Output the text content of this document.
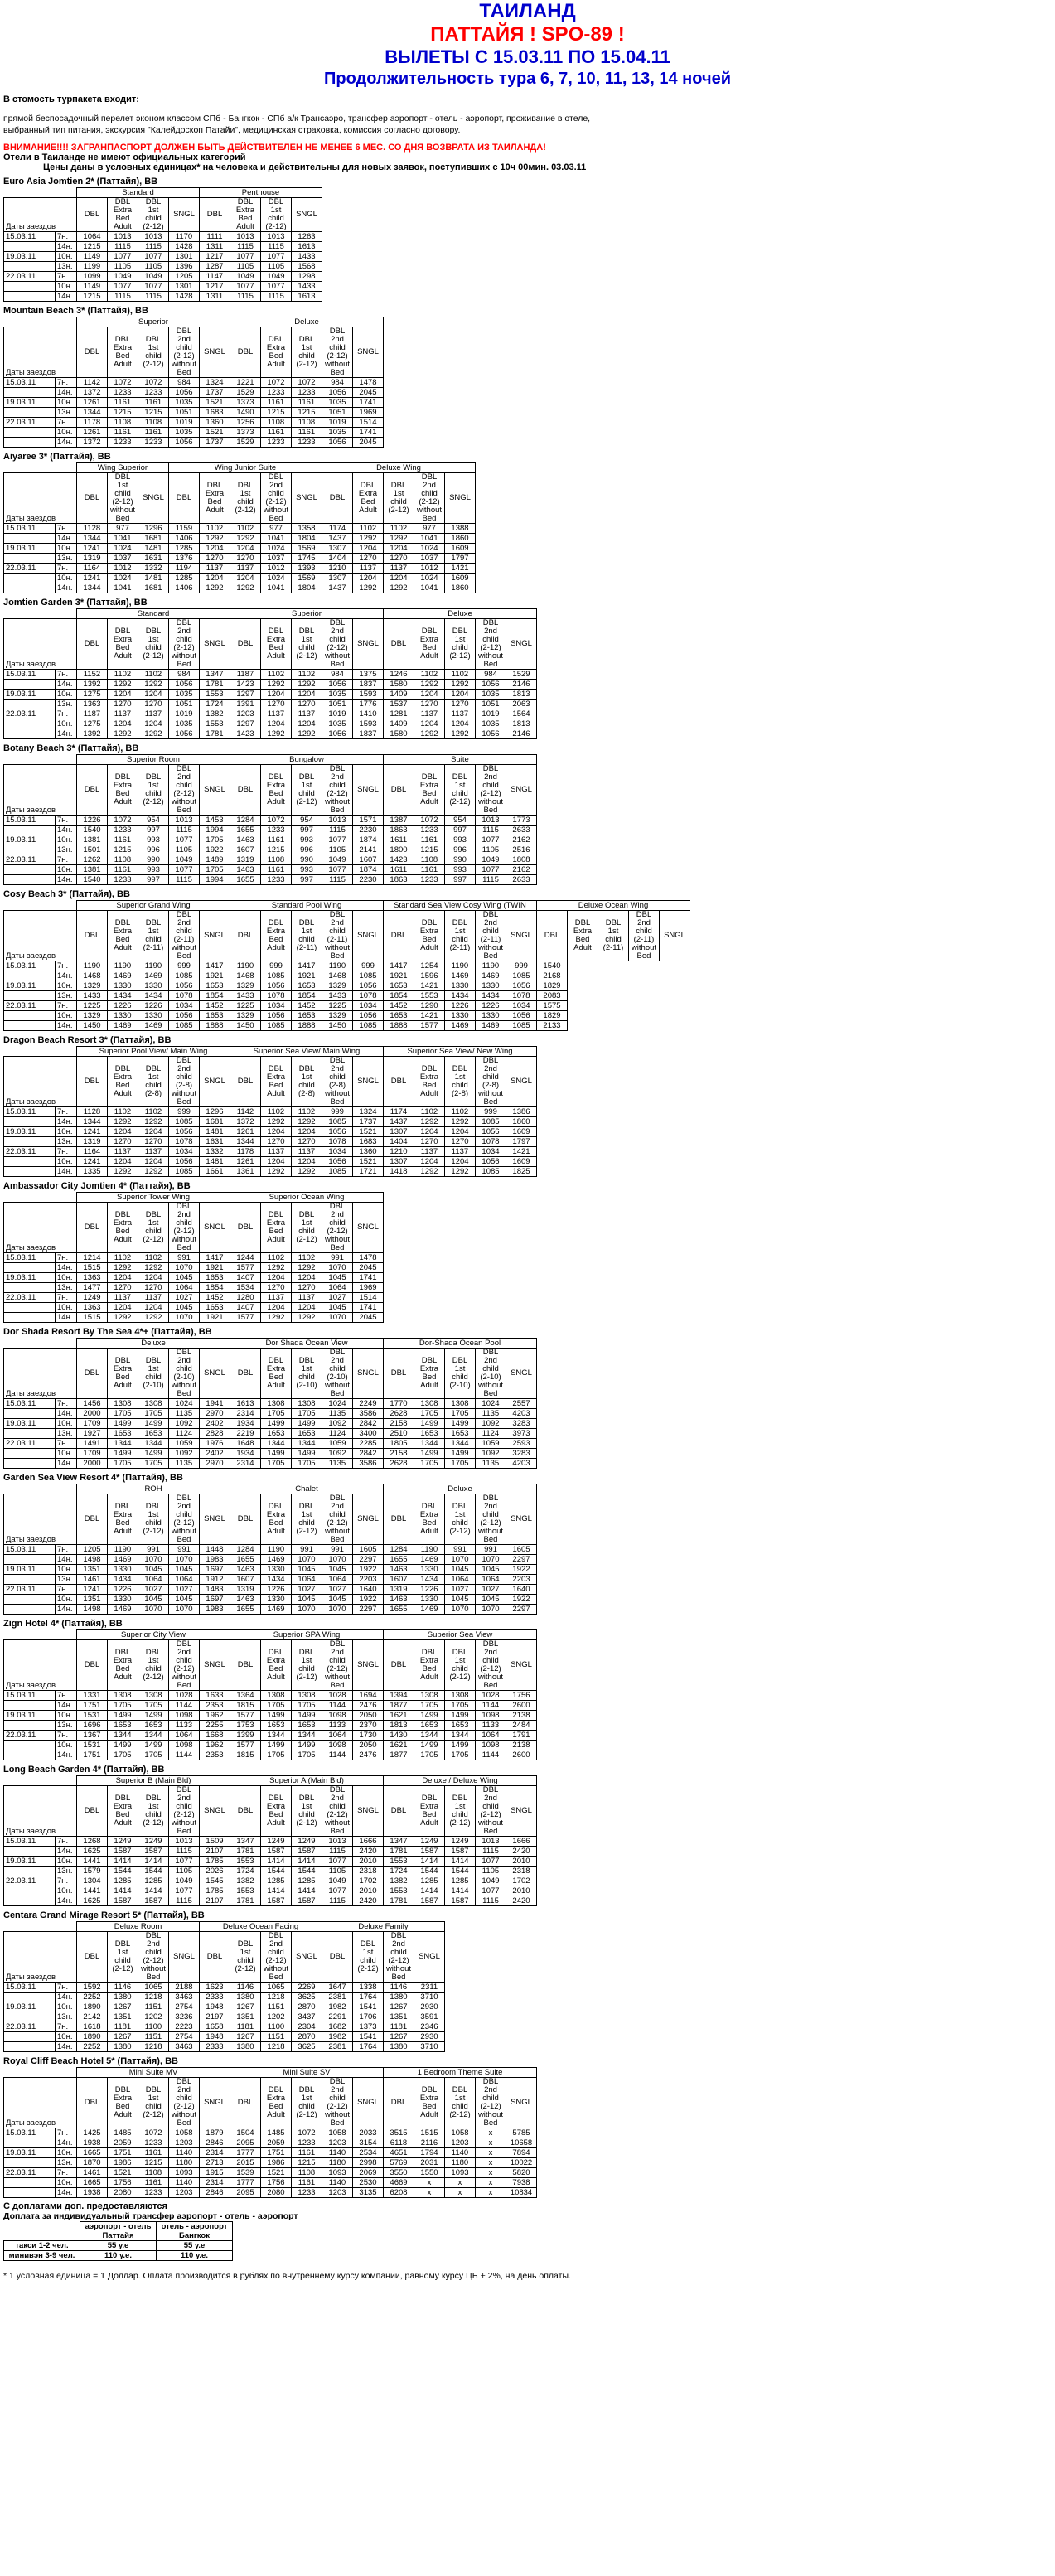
ТАИЛАНД
ПАТТАЙЯ ! SPO-89 !
ВЫЛЕТЫ С 15.03.11 ПО 15.04.11
Продолжительность тура 6, 7, 10, 11, 13, 14 ночей
В стомость турпакета входит:
прямой беспосадочный перелет эконом классом СПб - Бангкок - СПб а/к Трансаэро, трансфер аэропорт - отель - аэропорт, проживание в отеле, выбранный тип питания, экскурсия "Калейдоскоп Патайи", медицинская страховка, комиссия согласно договору.
ВНИМАНИЕ!!!! ЗАГРАНПАСПОРТ ДОЛЖЕН БЫТЬ ДЕЙСТВИТЕЛЕН НЕ МЕНЕЕ 6 МЕС. СО ДНЯ ВОЗВРАТА ИЗ ТАИЛАНДА!
Отели в Таиланде не имеют официальных категорий
Цены даны в условных единицах* на человека и действительны для новых заявок, поступивших с 10ч 00мин. 03.03.11
Euro Asia Jomtien 2* (Паттайя), BB
		Standard				Penthouse			
Даты заездов		DBL	DBL Extra Bed Adult	DBL 1st child (2-12)	SNGL	DBL	DBL Extra Bed Adult	DBL 1st child (2-12)	SNGL
15.03.11	7н.	1064	1013	1013	1170	1111	1013	1013	1263
	14н.	1215	1115	1115	1428	1311	1115	1115	1613
19.03.11	10н.	1149	1077	1077	1301	1217	1077	1077	1433
	13н.	1199	1105	1105	1396	1287	1105	1105	1568
22.03.11	7н.	1099	1049	1049	1205	1147	1049	1049	1298
	10н.	1149	1077	1077	1301	1217	1077	1077	1433
	14н.	1215	1115	1115	1428	1311	1115	1115	1613
Mountain Beach 3* (Паттайя), BB
		Superior					Deluxe				
Даты заездов		DBL	DBL Extra Bed Adult	DBL 1st child (2-12)	DBL 2nd child (2-12) without Bed	SNGL	DBL	DBL Extra Bed Adult	DBL 1st child (2-12)	DBL 2nd child (2-12) without Bed	SNGL
15.03.11	7н.	1142	1072	1072	984	1324	1221	1072	1072	984	1478
	14н.	1372	1233	1233	1056	1737	1529	1233	1233	1056	2045
19.03.11	10н.	1261	1161	1161	1035	1521	1373	1161	1161	1035	1741
	13н.	1344	1215	1215	1051	1683	1490	1215	1215	1051	1969
22.03.11	7н.	1178	1108	1108	1019	1360	1256	1108	1108	1019	1514
	10н.	1261	1161	1161	1035	1521	1373	1161	1161	1035	1741
	14н.	1372	1233	1233	1056	1737	1529	1233	1233	1056	2045
Aiyaree 3* (Паттайя), BB
		Wing Superior			Wing Junior Suite					Deluxe Wing				
Даты заездов		DBL	DBL 1st child (2-12) without Bed	SNGL	DBL	DBL Extra Bed Adult	DBL 1st child (2-12)	DBL 2nd child (2-12) without Bed	SNGL	DBL	DBL Extra Bed Adult	DBL 1st child (2-12)	DBL 2nd child (2-12) without Bed	SNGL
15.03.11	7н.	1128	977	1296	1159	1102	1102	977	1358	1174	1102	1102	977	1388
	14н.	1344	1041	1681	1406	1292	1292	1041	1804	1437	1292	1292	1041	1860
19.03.11	10н.	1241	1024	1481	1285	1204	1204	1024	1569	1307	1204	1204	1024	1609
	13н.	1319	1037	1631	1376	1270	1270	1037	1745	1404	1270	1270	1037	1797
22.03.11	7н.	1164	1012	1332	1194	1137	1137	1012	1393	1210	1137	1137	1012	1421
	10н.	1241	1024	1481	1285	1204	1204	1024	1569	1307	1204	1204	1024	1609
	14н.	1344	1041	1681	1406	1292	1292	1041	1804	1437	1292	1292	1041	1860
Jomtien Garden 3* (Паттайя), BB
		Standard					Superior					Deluxe				
Даты заездов		DBL	DBL Extra Bed Adult	DBL 1st child (2-12)	DBL 2nd child (2-12) without Bed	SNGL	DBL	DBL Extra Bed Adult	DBL 1st child (2-12)	DBL 2nd child (2-12) without Bed	SNGL	DBL	DBL Extra Bed Adult	DBL 1st child (2-12)	DBL 2nd child (2-12) without Bed	SNGL
15.03.11	7н.	1152	1102	1102	984	1347	1187	1102	1102	984	1375	1246	1102	1102	984	1529
	14н.	1392	1292	1292	1056	1781	1423	1292	1292	1056	1837	1580	1292	1292	1056	2146
19.03.11	10н.	1275	1204	1204	1035	1553	1297	1204	1204	1035	1593	1409	1204	1204	1035	1813
	13н.	1363	1270	1270	1051	1724	1391	1270	1270	1051	1776	1537	1270	1270	1051	2063
22.03.11	7н.	1187	1137	1137	1019	1382	1203	1137	1137	1019	1410	1281	1137	1137	1019	1564
	10н.	1275	1204	1204	1035	1553	1297	1204	1204	1035	1593	1409	1204	1204	1035	1813
	14н.	1392	1292	1292	1056	1781	1423	1292	1292	1056	1837	1580	1292	1292	1056	2146
Botany Beach 3* (Паттайя), BB
		Superior Room					Bungalow					Suite				
Даты заездов		DBL	DBL Extra Bed Adult	DBL 1st child (2-12)	DBL 2nd child (2-12) without Bed	SNGL	DBL	DBL Extra Bed Adult	DBL 1st child (2-12)	DBL 2nd child (2-12) without Bed	SNGL	DBL	DBL Extra Bed Adult	DBL 1st child (2-12)	DBL 2nd child (2-12) without Bed	SNGL
15.03.11	7н.	1226	1072	954	1013	1453	1284	1072	954	1013	1571	1387	1072	954	1013	1773
	14н.	1540	1233	997	1115	1994	1655	1233	997	1115	2230	1863	1233	997	1115	2633
19.03.11	10н.	1381	1161	993	1077	1705	1463	1161	993	1077	1874	1611	1161	993	1077	2162
	13н.	1501	1215	996	1105	1922	1607	1215	996	1105	2141	1800	1215	996	1105	2516
22.03.11	7н.	1262	1108	990	1049	1489	1319	1108	990	1049	1607	1423	1108	990	1049	1808
	10н.	1381	1161	993	1077	1705	1463	1161	993	1077	1874	1611	1161	993	1077	2162
	14н.	1540	1233	997	1115	1994	1655	1233	997	1115	2230	1863	1233	997	1115	2633
Cosy Beach 3* (Паттайя), BB
		Superior Grand Wing					Standard Pool Wing					Standard Sea View Cosy Wing (TWIN					Deluxe Ocean Wing				
Даты заездов		DBL	DBL Extra Bed Adult	DBL 1st child (2-11)	DBL 2nd child (2-11) without Bed	SNGL	DBL	DBL Extra Bed Adult	DBL 1st child (2-11)	DBL 2nd child (2-11) without Bed	SNGL	DBL	DBL Extra Bed Adult	DBL 1st child (2-11)	DBL 2nd child (2-11) without Bed	SNGL	DBL	DBL Extra Bed Adult	DBL 1st child (2-11)	DBL 2nd child (2-11) without Bed	SNGL
15.03.11	7н.	1190	1190	1190	999	1417	1190	999	1417	1190	999	1417	1254	1190	1190	999	1540				
	14н.	1468	1469	1469	1085	1921	1468	1085	1921	1468	1085	1921	1596	1469	1469	1085	2168				
19.03.11	10н.	1329	1330	1330	1056	1653	1329	1056	1653	1329	1056	1653	1421	1330	1330	1056	1829				
	13н.	1433	1434	1434	1078	1854	1433	1078	1854	1433	1078	1854	1553	1434	1434	1078	2083				
22.03.11	7н.	1225	1226	1226	1034	1452	1225	1034	1452	1225	1034	1452	1290	1226	1226	1034	1575				
	10н.	1329	1330	1330	1056	1653	1329	1056	1653	1329	1056	1653	1421	1330	1330	1056	1829				
	14н.	1450	1469	1469	1085	1888	1450	1085	1888	1450	1085	1888	1577	1469	1469	1085	2133				
Dragon Beach Resort 3* (Паттайя), BB
		Superior Pool View/ Main Wing					Superior Sea View/ Main Wing					Superior Sea View/ New Wing				
Даты заездов		DBL	DBL Extra Bed Adult	DBL 1st child (2-8)	DBL 2nd child (2-8) without Bed	SNGL	DBL	DBL Extra Bed Adult	DBL 1st child (2-8)	DBL 2nd child (2-8) without Bed	SNGL	DBL	DBL Extra Bed Adult	DBL 1st child (2-8)	DBL 2nd child (2-8) without Bed	SNGL
15.03.11	7н.	1128	1102	1102	999	1296	1142	1102	1102	999	1324	1174	1102	1102	999	1386
	14н.	1344	1292	1292	1085	1681	1372	1292	1292	1085	1737	1437	1292	1292	1085	1860
19.03.11	10н.	1241	1204	1204	1056	1481	1261	1204	1204	1056	1521	1307	1204	1204	1056	1609
	13н.	1319	1270	1270	1078	1631	1344	1270	1270	1078	1683	1404	1270	1270	1078	1797
22.03.11	7н.	1164	1137	1137	1034	1332	1178	1137	1137	1034	1360	1210	1137	1137	1034	1421
	10н.	1241	1204	1204	1056	1481	1261	1204	1204	1056	1521	1307	1204	1204	1056	1609
	14н.	1335	1292	1292	1085	1661	1361	1292	1292	1085	1721	1418	1292	1292	1085	1825
Ambassador City Jomtien 4* (Паттайя), BB
		Superior Tower Wing					Superior Ocean Wing				
Даты заездов		DBL	DBL Extra Bed Adult	DBL 1st child (2-12)	DBL 2nd child (2-12) without Bed	SNGL	DBL	DBL Extra Bed Adult	DBL 1st child (2-12)	DBL 2nd child (2-12) without Bed	SNGL
15.03.11	7н.	1214	1102	1102	991	1417	1244	1102	1102	991	1478
	14н.	1515	1292	1292	1070	1921	1577	1292	1292	1070	2045
19.03.11	10н.	1363	1204	1204	1045	1653	1407	1204	1204	1045	1741
	13н.	1477	1270	1270	1064	1854	1534	1270	1270	1064	1969
22.03.11	7н.	1249	1137	1137	1027	1452	1280	1137	1137	1027	1514
	10н.	1363	1204	1204	1045	1653	1407	1204	1204	1045	1741
	14н.	1515	1292	1292	1070	1921	1577	1292	1292	1070	2045
Dor Shada Resort By The Sea 4*+ (Паттайя), BB
		Deluxe					Dor Shada Ocean View					Dor-Shada Ocean Pool				
Даты заездов		DBL	DBL Extra Bed Adult	DBL 1st child (2-10)	DBL 2nd child (2-10) without Bed	SNGL	DBL	DBL Extra Bed Adult	DBL 1st child (2-10)	DBL 2nd child (2-10) without Bed	SNGL	DBL	DBL Extra Bed Adult	DBL 1st child (2-10)	DBL 2nd child (2-10) without Bed	SNGL
15.03.11	7н.	1456	1308	1308	1024	1941	1613	1308	1308	1024	2249	1770	1308	1308	1024	2557
	14н.	2000	1705	1705	1135	2970	2314	1705	1705	1135	3586	2628	1705	1705	1135	4203
19.03.11	10н.	1709	1499	1499	1092	2402	1934	1499	1499	1092	2842	2158	1499	1499	1092	3283
	13н.	1927	1653	1653	1124	2828	2219	1653	1653	1124	3400	2510	1653	1653	1124	3973
22.03.11	7н.	1491	1344	1344	1059	1976	1648	1344	1344	1059	2285	1805	1344	1344	1059	2593
	10н.	1709	1499	1499	1092	2402	1934	1499	1499	1092	2842	2158	1499	1499	1092	3283
	14н.	2000	1705	1705	1135	2970	2314	1705	1705	1135	3586	2628	1705	1705	1135	4203
Garden Sea View Resort 4* (Паттайя), BB
		ROH					Chalet					Deluxe				
Даты заездов		DBL	DBL Extra Bed Adult	DBL 1st child (2-12)	DBL 2nd child (2-12) without Bed	SNGL	DBL	DBL Extra Bed Adult	DBL 1st child (2-12)	DBL 2nd child (2-12) without Bed	SNGL	DBL	DBL Extra Bed Adult	DBL 1st child (2-12)	DBL 2nd child (2-12) without Bed	SNGL
15.03.11	7н.	1205	1190	991	991	1448	1284	1190	991	991	1605	1284	1190	991	991	1605
	14н.	1498	1469	1070	1070	1983	1655	1469	1070	1070	2297	1655	1469	1070	1070	2297
19.03.11	10н.	1351	1330	1045	1045	1697	1463	1330	1045	1045	1922	1463	1330	1045	1045	1922
	13н.	1461	1434	1064	1064	1912	1607	1434	1064	1064	2203	1607	1434	1064	1064	2203
22.03.11	7н.	1241	1226	1027	1027	1483	1319	1226	1027	1027	1640	1319	1226	1027	1027	1640
	10н.	1351	1330	1045	1045	1697	1463	1330	1045	1045	1922	1463	1330	1045	1045	1922
	14н.	1498	1469	1070	1070	1983	1655	1469	1070	1070	2297	1655	1469	1070	1070	2297
Zign Hotel 4* (Паттайя), BB
		Superior City View					Superior SPA Wing					Superior Sea View				
Даты заездов		DBL	DBL Extra Bed Adult	DBL 1st child (2-12)	DBL 2nd child (2-12) without Bed	SNGL	DBL	DBL Extra Bed Adult	DBL 1st child (2-12)	DBL 2nd child (2-12) without Bed	SNGL	DBL	DBL Extra Bed Adult	DBL 1st child (2-12)	DBL 2nd child (2-12) without Bed	SNGL
15.03.11	7н.	1331	1308	1308	1028	1633	1364	1308	1308	1028	1694	1394	1308	1308	1028	1756
	14н.	1751	1705	1705	1144	2353	1815	1705	1705	1144	2476	1877	1705	1705	1144	2600
19.03.11	10н.	1531	1499	1499	1098	1962	1577	1499	1499	1098	2050	1621	1499	1499	1098	2138
	13н.	1696	1653	1653	1133	2255	1753	1653	1653	1133	2370	1813	1653	1653	1133	2484
22.03.11	7н.	1367	1344	1344	1064	1668	1399	1344	1344	1064	1730	1430	1344	1344	1064	1791
	10н.	1531	1499	1499	1098	1962	1577	1499	1499	1098	2050	1621	1499	1499	1098	2138
	14н.	1751	1705	1705	1144	2353	1815	1705	1705	1144	2476	1877	1705	1705	1144	2600
Long Beach Garden 4* (Паттайя), BB
		Superior B (Main Bld)					Superior A (Main Bld)					Deluxe / Deluxe Wing				
Даты заездов		DBL	DBL Extra Bed Adult	DBL 1st child (2-12)	DBL 2nd child (2-12) without Bed	SNGL	DBL	DBL Extra Bed Adult	DBL 1st child (2-12)	DBL 2nd child (2-12) without Bed	SNGL	DBL	DBL Extra Bed Adult	DBL 1st child (2-12)	DBL 2nd child (2-12) without Bed	SNGL
15.03.11	7н.	1268	1249	1249	1013	1509	1347	1249	1249	1013	1666	1347	1249	1249	1013	1666
	14н.	1625	1587	1587	1115	2107	1781	1587	1587	1115	2420	1781	1587	1587	1115	2420
19.03.11	10н.	1441	1414	1414	1077	1785	1553	1414	1414	1077	2010	1553	1414	1414	1077	2010
	13н.	1579	1544	1544	1105	2026	1724	1544	1544	1105	2318	1724	1544	1544	1105	2318
22.03.11	7н.	1304	1285	1285	1049	1545	1382	1285	1285	1049	1702	1382	1285	1285	1049	1702
	10н.	1441	1414	1414	1077	1785	1553	1414	1414	1077	2010	1553	1414	1414	1077	2010
	14н.	1625	1587	1587	1115	2107	1781	1587	1587	1115	2420	1781	1587	1587	1115	2420
Centara Grand Mirage Resort 5* (Паттайя), BB
		Deluxe Room				Deluxe Ocean Facing				Deluxe Family			
Даты заездов		DBL	DBL 1st child (2-12)	DBL 2nd child (2-12) without Bed	SNGL	DBL	DBL 1st child (2-12)	DBL 2nd child (2-12) without Bed	SNGL	DBL	DBL 1st child (2-12)	DBL 2nd child (2-12) without Bed	SNGL
15.03.11	7н.	1592	1146	1065	2188	1623	1146	1065	2269	1647	1338	1146	2311
	14н.	2252	1380	1218	3463	2333	1380	1218	3625	2381	1764	1380	3710
19.03.11	10н.	1890	1267	1151	2754	1948	1267	1151	2870	1982	1541	1267	2930
	13н.	2142	1351	1202	3236	2197	1351	1202	3437	2291	1706	1351	3591
22.03.11	7н.	1618	1181	1100	2223	1658	1181	1100	2304	1682	1373	1181	2346
	10н.	1890	1267	1151	2754	1948	1267	1151	2870	1982	1541	1267	2930
	14н.	2252	1380	1218	3463	2333	1380	1218	3625	2381	1764	1380	3710
Royal Cliff Beach Hotel 5* (Паттайя), BB
		Mini Suite MV					Mini Suite SV					1 Bedroom Theme Suite				
Даты заездов		DBL	DBL Extra Bed Adult	DBL 1st child (2-12)	DBL 2nd child (2-12) without Bed	SNGL	DBL	DBL Extra Bed Adult	DBL 1st child (2-12)	DBL 2nd child (2-12) without Bed	SNGL	DBL	DBL Extra Bed Adult	DBL 1st child (2-12)	DBL 2nd child (2-12) without Bed	SNGL
15.03.11	7н.	1425	1485	1072	1058	1879	1504	1485	1072	1058	2033	3515	1515	1058	x	5785
	14н.	1938	2059	1233	1203	2846	2095	2059	1233	1203	3154	6118	2116	1203	x	10658
19.03.11	10н.	1665	1751	1161	1140	2314	1777	1751	1161	1140	2534	4651	1794	1140	x	7894
	13н.	1870	1986	1215	1180	2713	2015	1986	1215	1180	2998	5769	2031	1180	x	10022
22.03.11	7н.	1461	1521	1108	1093	1915	1539	1521	1108	1093	2069	3550	1550	1093	x	5820
	10н.	1665	1756	1161	1140	2314	1777	1756	1161	1140	2530	4669	x	x	x	7938
	14н.	1938	2080	1233	1203	2846	2095	2080	1233	1203	3135	6208	x	x	x	10834
С доплатами доп. предоставляются
Доплата за индивидуальный трансфер аэропорт - отель - аэропорт
	аэропорт - отель Паттайя	отель - аэропорт Бангкок
такси 1-2 чел.	55 у.е	55 у.е
минивэн 3-9 чел.	110 у.е.	110 у.е.
* 1 условная единица = 1 Доллар. Оплата производится в рублях по внутреннему курсу компании, равному курсу ЦБ + 2%, на день оплаты.
